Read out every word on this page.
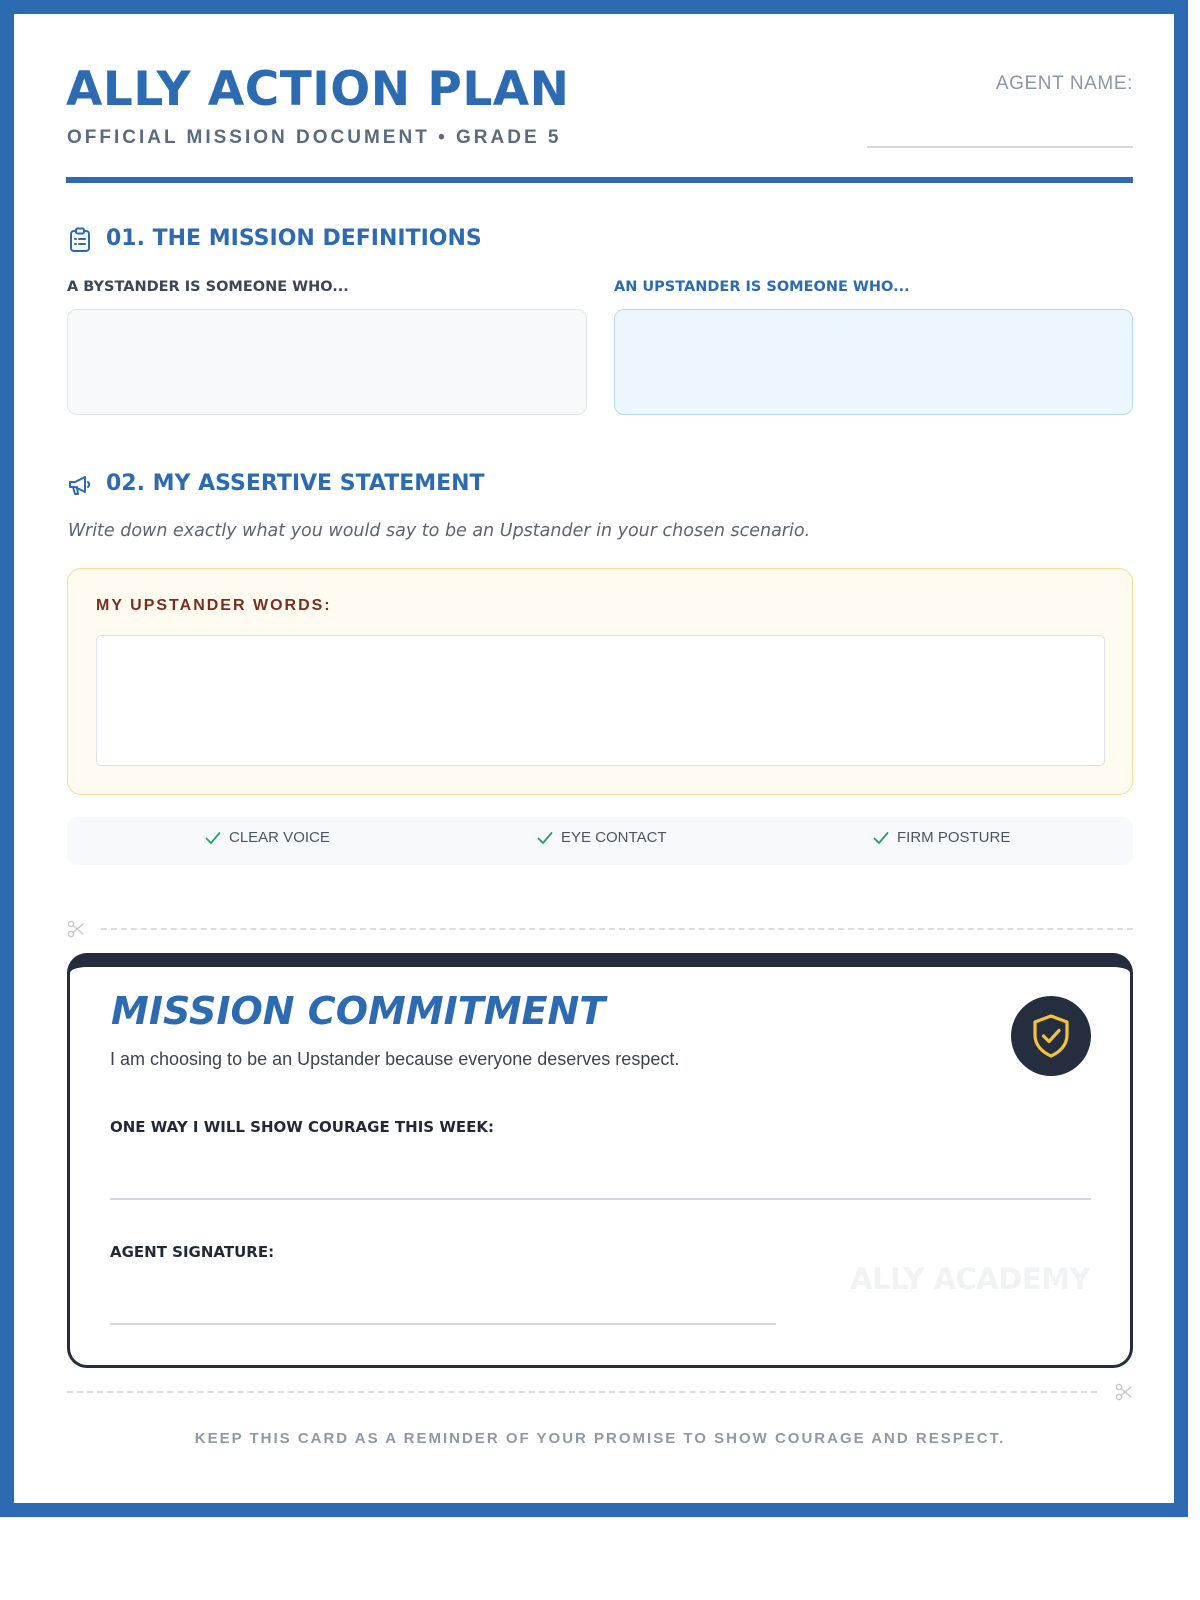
ALLY ACTION PLAN
OFFICIAL MISSION DOCUMENT • GRADE 5
AGENT NAME:
01. THE MISSION DEFINITIONS
A BYSTANDER IS SOMEONE WHO...	AN UPSTANDER IS SOMEONE WHO...
02. MY ASSERTIVE STATEMENT
Write down exactly what you would say to be an Upstander in your chosen scenario.
MY UPSTANDER WORDS:
CLEAR VOICE	EYE CONTACT	FIRM POSTURE
MISSION COMMITMENT
I am choosing to be an Upstander because everyone deserves respect.
ONE WAY I WILL SHOW COURAGE THIS WEEK:
AGENT SIGNATURE:
ALLY ACADEMY
KEEP THIS CARD AS A REMINDER OF YOUR PROMISE TO SHOW COURAGE AND RESPECT.
